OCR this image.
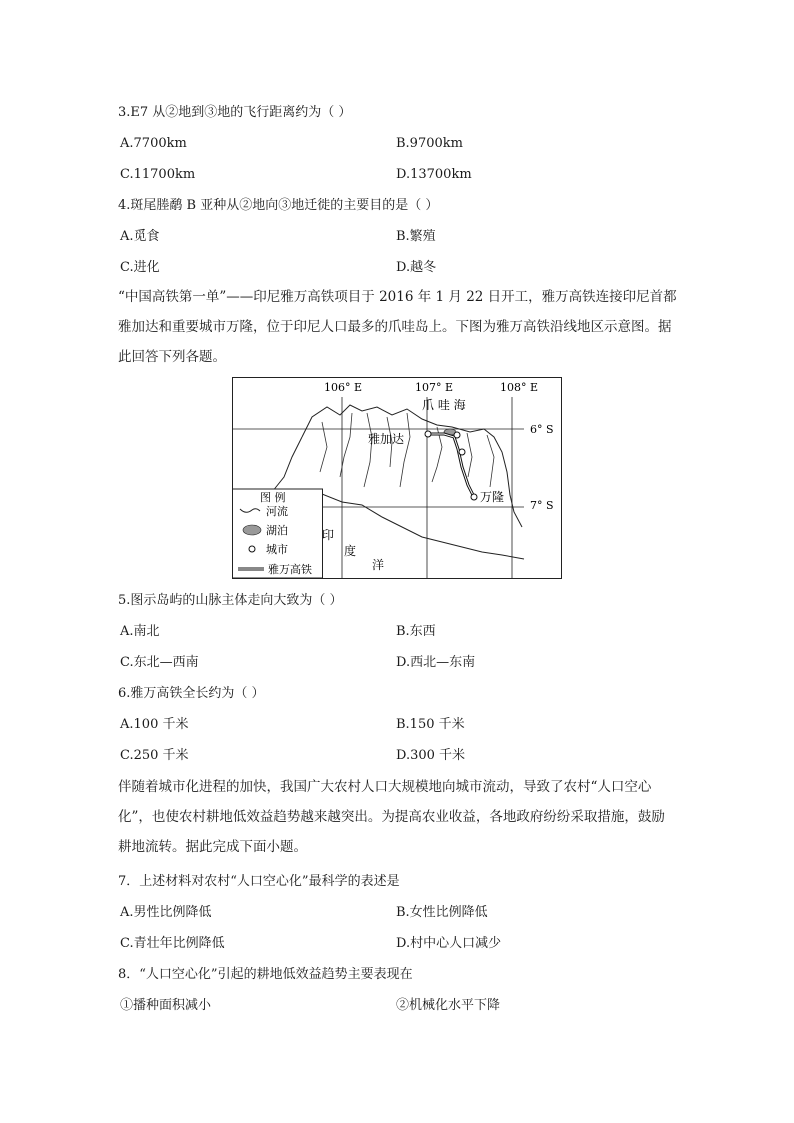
3.E7 从②地到③地的飞行距离约为（ ）
A.7700km	B.9700km
C.11700km	D.13700km
4.斑尾塍鹬 B 亚种从②地向③地迁徙的主要目的是（ ）
A.觅食	B.繁殖
C.进化	D.越冬
“中国高铁第一单”——印尼雅万高铁项目于 2016 年 1 月 22 日开工，雅万高铁连接印尼首都雅加达和重要城市万隆，位于印尼人口最多的爪哇岛上。下图为雅万高铁沿线地区示意图。据此回答下列各题。
106° E	107° E	108° E
6° S
7° S
爪 哇 海
雅加达
万隆
印
度
洋
图 例
河流
湖泊
城市
雅万高铁
5.图示岛屿的山脉主体走向大致为（ ）
A.南北	B.东西
C.东北—西南	D.西北—东南
6.雅万高铁全长约为（ ）
A.100 千米	B.150 千米
C.250 千米	D.300 千米
伴随着城市化进程的加快，我国广大农村人口大规模地向城市流动，导致了农村“人口空心化”，也使农村耕地低效益趋势越来越突出。为提高农业收益，各地政府纷纷采取措施，鼓励耕地流转。据此完成下面小题。
7．上述材料对农村“人口空心化”最科学的表述是
A.男性比例降低	B.女性比例降低
C.青壮年比例降低	D.村中心人口减少
8．“人口空心化”引起的耕地低效益趋势主要表现在
①播种面积减小	②机械化水平下降
